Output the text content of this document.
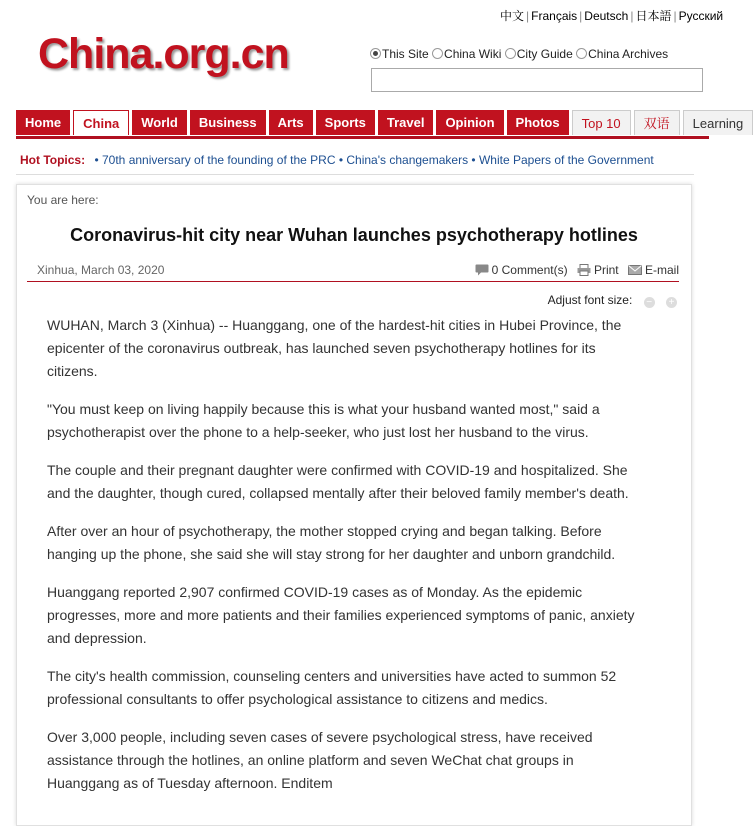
中文 | Français | Deutsch | 日本語 | Русский
China.org.cn	This Site China Wiki City Guide China Archives
Home China World Business Arts Sports Travel Opinion Photos Top 10 双语 Learning
Hot Topics: • 70th anniversary of the founding of the PRC • China's changemakers • White Papers of the Government
You are here:
Coronavirus-hit city near Wuhan launches psychotherapy hotlines
Xinhua, March 03, 2020	0 Comment(s) Print E-mail
Adjust font size: − +

WUHAN, March 3 (Xinhua) -- Huanggang, one of the hardest-hit cities in Hubei Province, the epicenter of the coronavirus outbreak, has launched seven psychotherapy hotlines for its citizens.

"You must keep on living happily because this is what your husband wanted most," said a psychotherapist over the phone to a help-seeker, who just lost her husband to the virus.

The couple and their pregnant daughter were confirmed with COVID-19 and hospitalized. She and the daughter, though cured, collapsed mentally after their beloved family member's death.

After over an hour of psychotherapy, the mother stopped crying and began talking. Before hanging up the phone, she said she will stay strong for her daughter and unborn grandchild.

Huanggang reported 2,907 confirmed COVID-19 cases as of Monday. As the epidemic progresses, more and more patients and their families experienced symptoms of panic, anxiety and depression.

The city's health commission, counseling centers and universities have acted to summon 52 professional consultants to offer psychological assistance to citizens and medics.

Over 3,000 people, including seven cases of severe psychological stress, have received assistance through the hotlines, an online platform and seven WeChat chat groups in Huanggang as of Tuesday afternoon. Enditem
